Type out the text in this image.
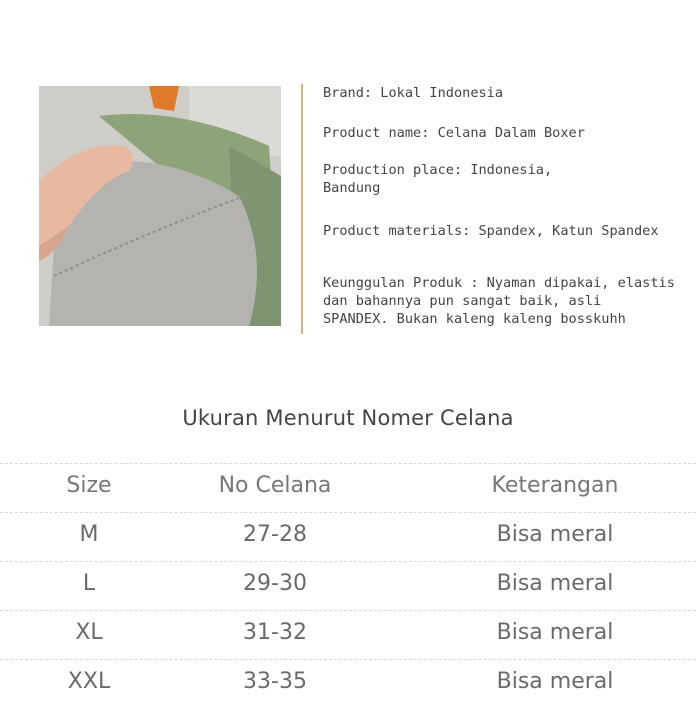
Brand: Lokal Indonesia

Product name: Celana Dalam Boxer

Production place: Indonesia,

Bandung

Product materials: Spandex, Katun Spandex

Keunggulan Produk : Nyaman dipakai, elastis

dan bahannya pun sangat baik, asli

SPANDEX. Bukan kaleng kaleng bosskuhh

Ukuran Menurut Nomer Celana
Size	No Celana	Keterangan
M	27-28	Bisa meral
L	29-30	Bisa meral
XL	31-32	Bisa meral
XXL	33-35	Bisa meral
